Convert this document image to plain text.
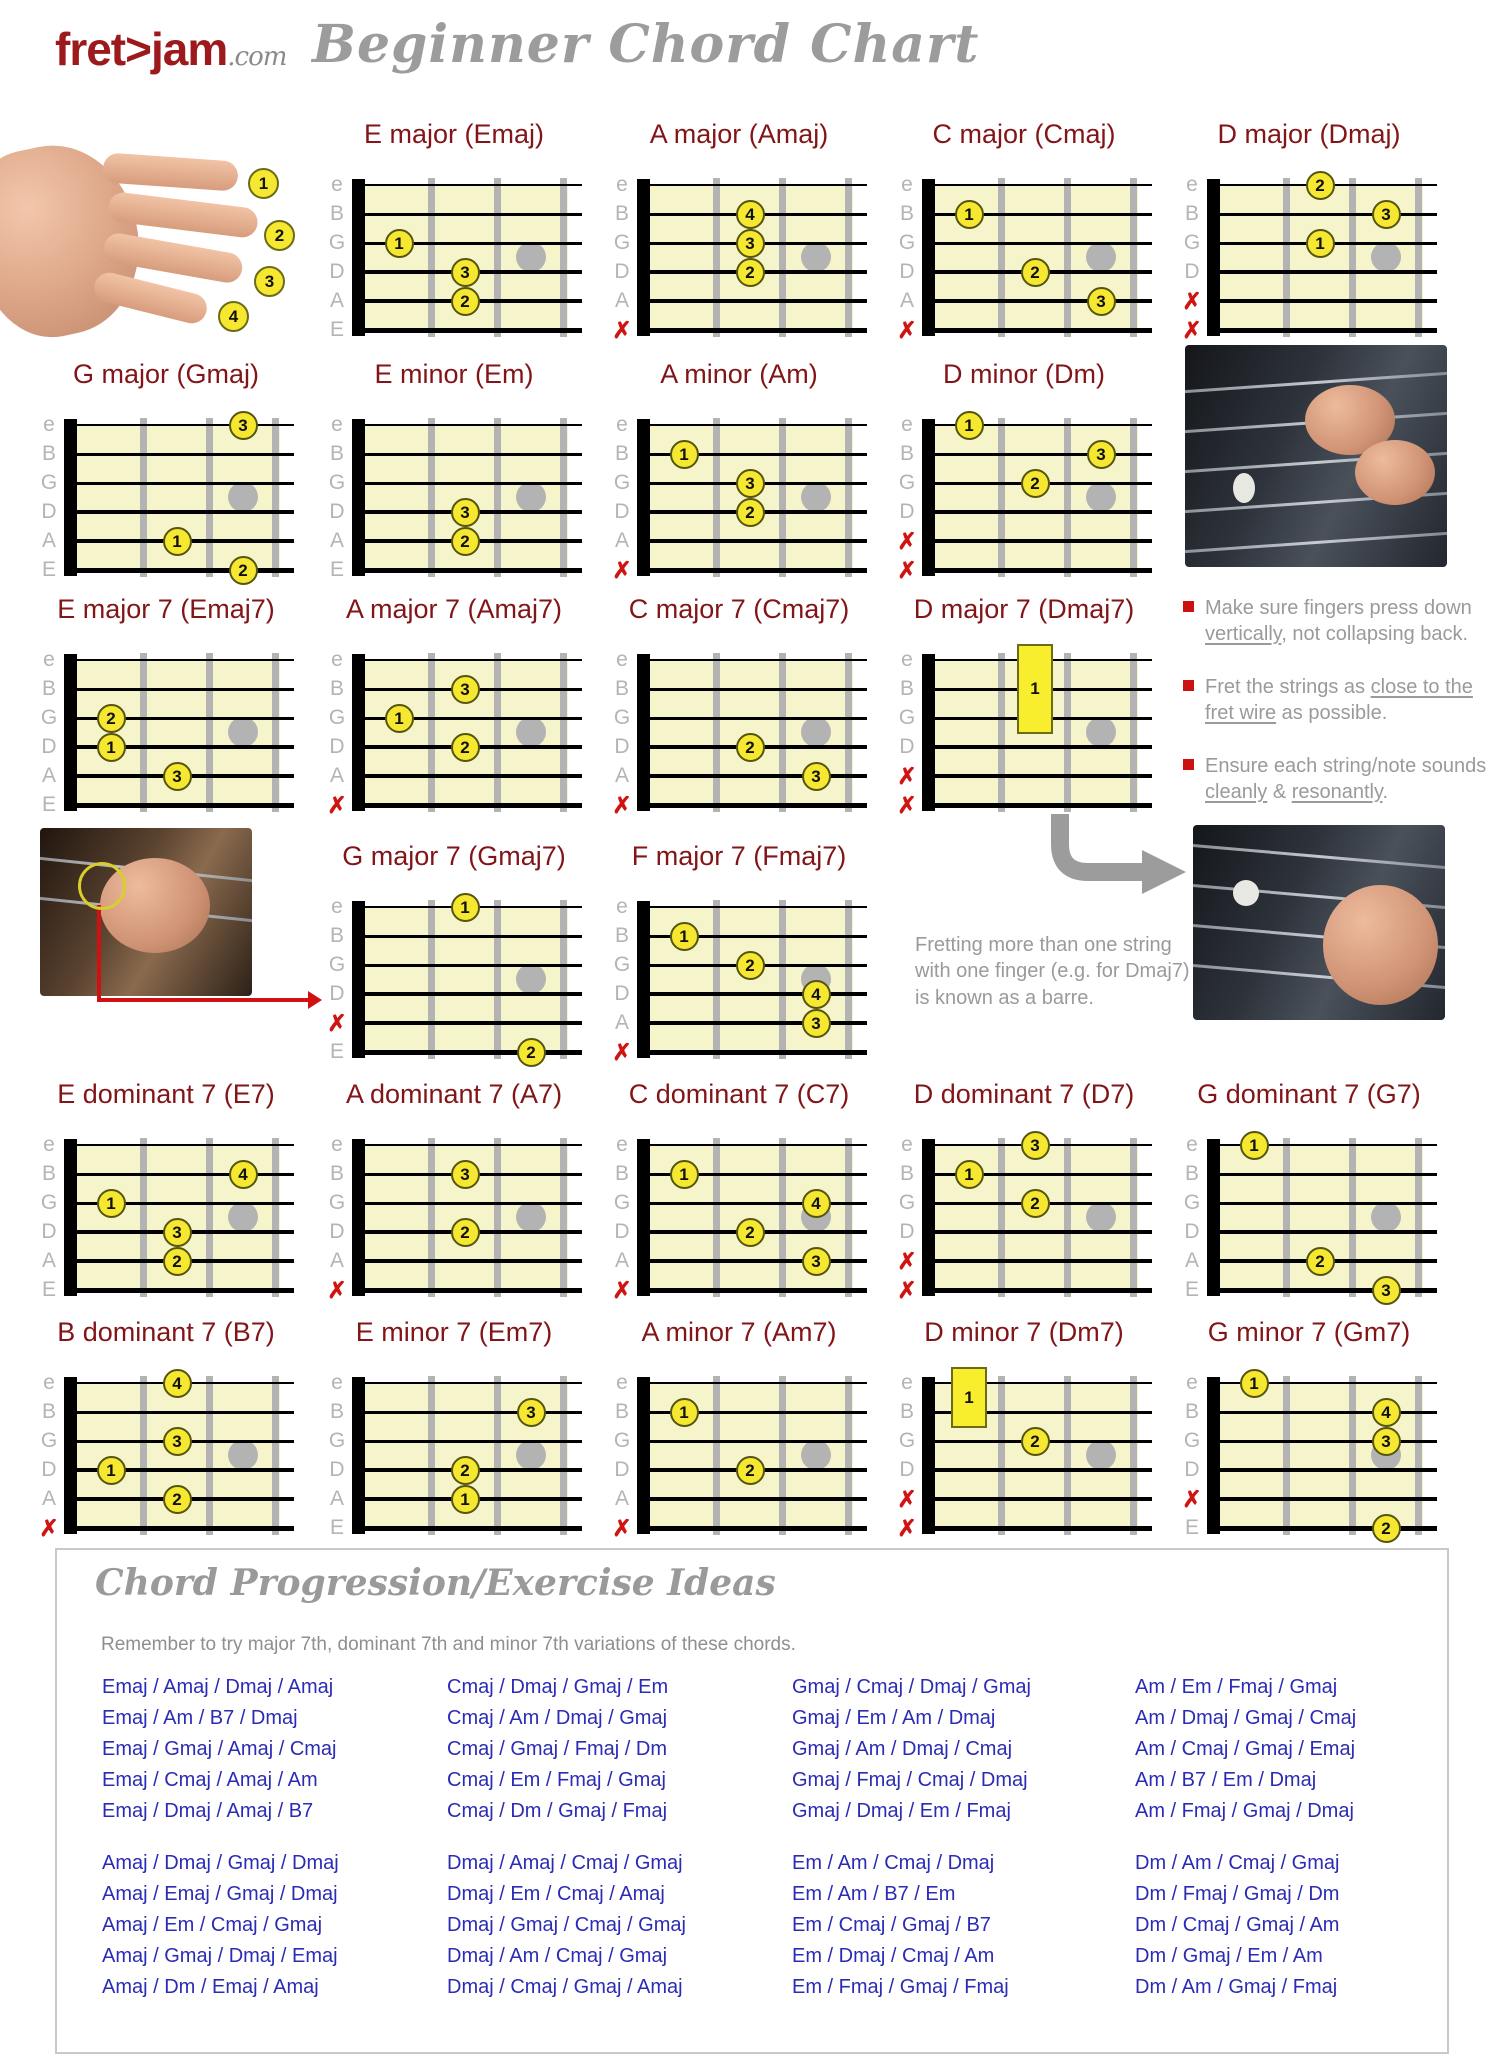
fret>jam.com Beginner Chord Chart
Make sure fingers press down vertically, not collapsing back.
Fret the strings as close to the fret wire as possible.
Ensure each string/note sounds cleanly & resonantly.
Fretting more than one string with one finger (e.g. for Dmaj7) is known as a barre.
Chord Progression/Exercise Ideas
Remember to try major 7th, dominant 7th and minor 7th variations of these chords.
Emaj / Amaj / Dmaj / Amaj
Emaj / Am / B7 / Dmaj
Emaj / Gmaj / Amaj / Cmaj
Emaj / Cmaj / Amaj / Am
Emaj / Dmaj / Amaj / B7
Cmaj / Dmaj / Gmaj / Em
Cmaj / Am / Dmaj / Gmaj
Cmaj / Gmaj / Fmaj / Dm
Cmaj / Em / Fmaj / Gmaj
Cmaj / Dm / Gmaj / Fmaj
Gmaj / Cmaj / Dmaj / Gmaj
Gmaj / Em / Am / Dmaj
Gmaj / Am / Dmaj / Cmaj
Gmaj / Fmaj / Cmaj / Dmaj
Gmaj / Dmaj / Em / Fmaj
Am / Em / Fmaj / Gmaj
Am / Dmaj / Gmaj / Cmaj
Am / Cmaj / Gmaj / Emaj
Am / B7 / Em / Dmaj
Am / Fmaj / Gmaj / Dmaj
Amaj / Dmaj / Gmaj / Dmaj
Amaj / Emaj / Gmaj / Dmaj
Amaj / Em / Cmaj / Gmaj
Amaj / Gmaj / Dmaj / Emaj
Amaj / Dm / Emaj / Amaj
Dmaj / Amaj / Cmaj / Gmaj
Dmaj / Em / Cmaj / Amaj
Dmaj / Gmaj / Cmaj / Gmaj
Dmaj / Am / Cmaj / Gmaj
Dmaj / Cmaj / Gmaj / Amaj
Em / Am / Cmaj / Dmaj
Em / Am / B7 / Em
Em / Cmaj / Gmaj / B7
Em / Dmaj / Cmaj / Am
Em / Fmaj / Gmaj / Fmaj
Dm / Am / Cmaj / Gmaj
Dm / Fmaj / Gmaj / Dm
Dm / Cmaj / Gmaj / Am
Dm / Gmaj / Em / Am
Dm / Am / Gmaj / Fmaj
E major (Emaj)
e
B
G
D
A
E
1
3
2
A major (Amaj)
e
B
G
D
A
✗
4
3
2
C major (Cmaj)
e
B
G
D
A
✗
1
2
3
D major (Dmaj)
e
B
G
D
✗
✗
2
3
1
G major (Gmaj)
e
B
G
D
A
E
3
1
2
E minor (Em)
e
B
G
D
A
E
3
2
A minor (Am)
e
B
G
D
A
✗
1
3
2
D minor (Dm)
e
B
G
D
✗
✗
1
3
2
E major 7 (Emaj7)
e
B
G
D
A
E
2
1
3
A major 7 (Amaj7)
e
B
G
D
A
✗
3
1
2
C major 7 (Cmaj7)
e
B
G
D
A
✗
2
3
D major 7 (Dmaj7)
e
B
G
D
✗
✗
1
G major 7 (Gmaj7)
e
B
G
D
✗
E
1
2
F major 7 (Fmaj7)
e
B
G
D
A
✗
1
2
4
3
E dominant 7 (E7)
e
B
G
D
A
E
4
1
3
2
A dominant 7 (A7)
e
B
G
D
A
✗
3
2
C dominant 7 (C7)
e
B
G
D
A
✗
1
4
2
3
D dominant 7 (D7)
e
B
G
D
✗
✗
3
1
2
G dominant 7 (G7)
e
B
G
D
A
E
1
2
3
B dominant 7 (B7)
e
B
G
D
A
✗
4
3
1
2
E minor 7 (Em7)
e
B
G
D
A
E
3
2
1
A minor 7 (Am7)
e
B
G
D
A
✗
1
2
D minor 7 (Dm7)
e
B
G
D
✗
✗
1
2
G minor 7 (Gm7)
e
B
G
D
✗
E
1
4
3
2
1
2
3
4
